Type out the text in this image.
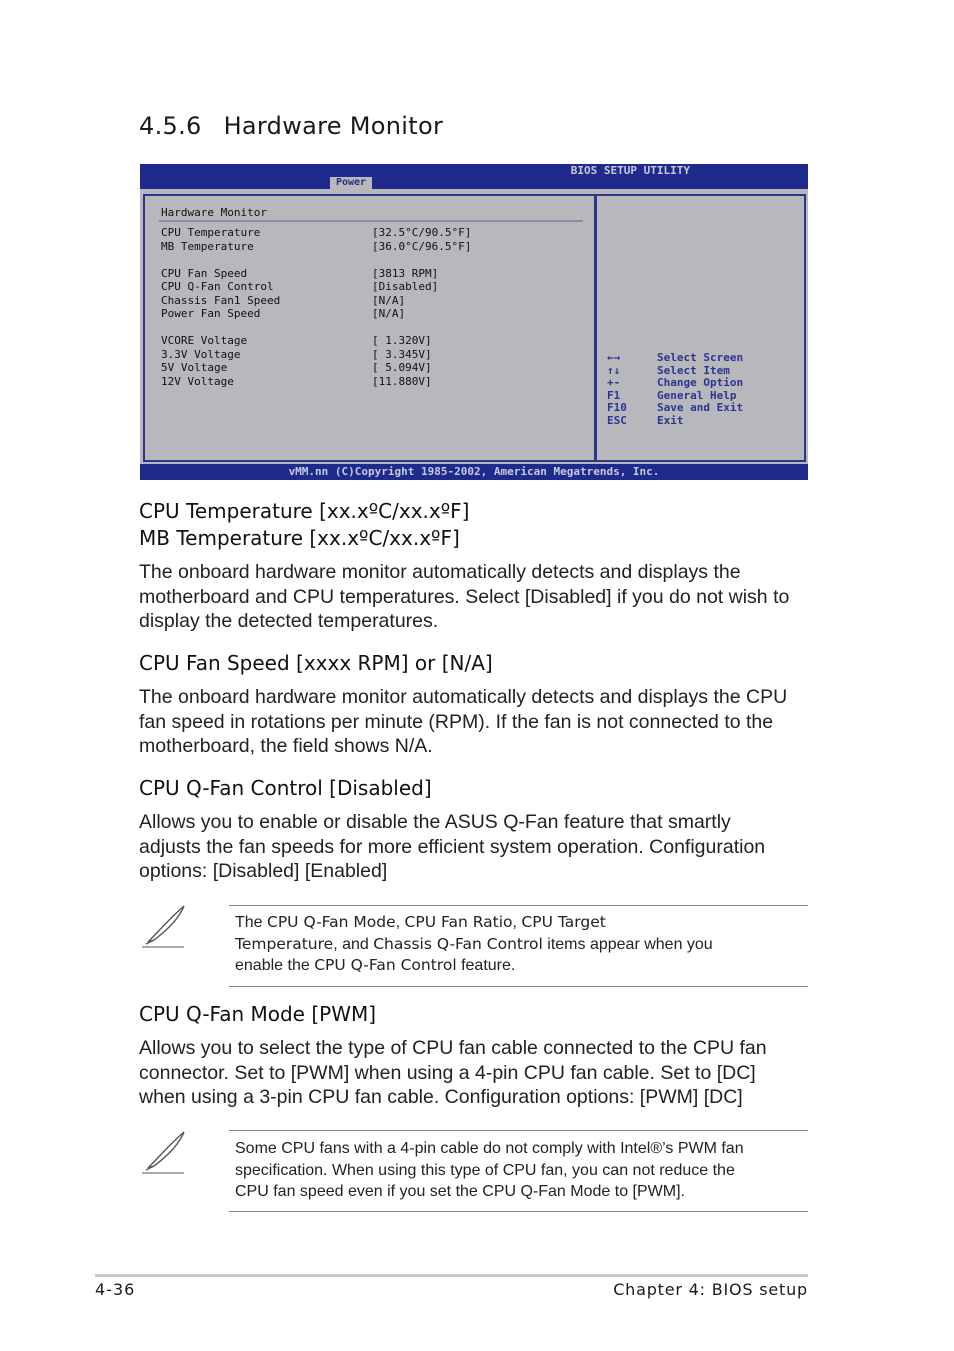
4.5.6 Hardware Monitor
BIOS SETUP UTILITY
Power
Hardware Monitor
CPU Temperature	[32.5°C/90.5°F]
MB Temperature	[36.0°C/96.5°F]
CPU Fan Speed	[3813 RPM]
CPU Q-Fan Control	[Disabled]
Chassis Fan1 Speed	[N/A]
Power Fan Speed	[N/A]
VCORE Voltage	[ 1.320V]
3.3V Voltage	[ 3.345V]
5V Voltage	[ 5.094V]
12V Voltage	[11.880V]
←→	Select Screen
↑↓	Select Item
+-	Change Option
F1	General Help
F10	Save and Exit
ESC	Exit
vMM.nn (C)Copyright 1985-2002, American Megatrends, Inc.
CPU Temperature [xx.xºC/xx.xºF]
MB Temperature [xx.xºC/xx.xºF]
The onboard hardware monitor automatically detects and displays the
motherboard and CPU temperatures. Select [Disabled] if you do not wish to
display the detected temperatures.
CPU Fan Speed [xxxx RPM] or [N/A]
The onboard hardware monitor automatically detects and displays the CPU
fan speed in rotations per minute (RPM). If the fan is not connected to the
motherboard, the field shows N/A.
CPU Q-Fan Control [Disabled]
Allows you to enable or disable the ASUS Q-Fan feature that smartly
adjusts the fan speeds for more efficient system operation. Configuration
options: [Disabled] [Enabled]
The CPU Q-Fan Mode, CPU Fan Ratio, CPU Target
Temperature, and Chassis Q-Fan Control items appear when you
enable the CPU Q-Fan Control feature.
CPU Q-Fan Mode [PWM]
Allows you to select the type of CPU fan cable connected to the CPU fan
connector. Set to [PWM] when using a 4-pin CPU fan cable. Set to [DC]
when using a 3-pin CPU fan cable. Configuration options: [PWM] [DC]
Some CPU fans with a 4-pin cable do not comply with Intel®’s PWM fan
specification. When using this type of CPU fan, you can not reduce the
CPU fan speed even if you set the CPU Q-Fan Mode to [PWM].
4-36	Chapter 4: BIOS setup
